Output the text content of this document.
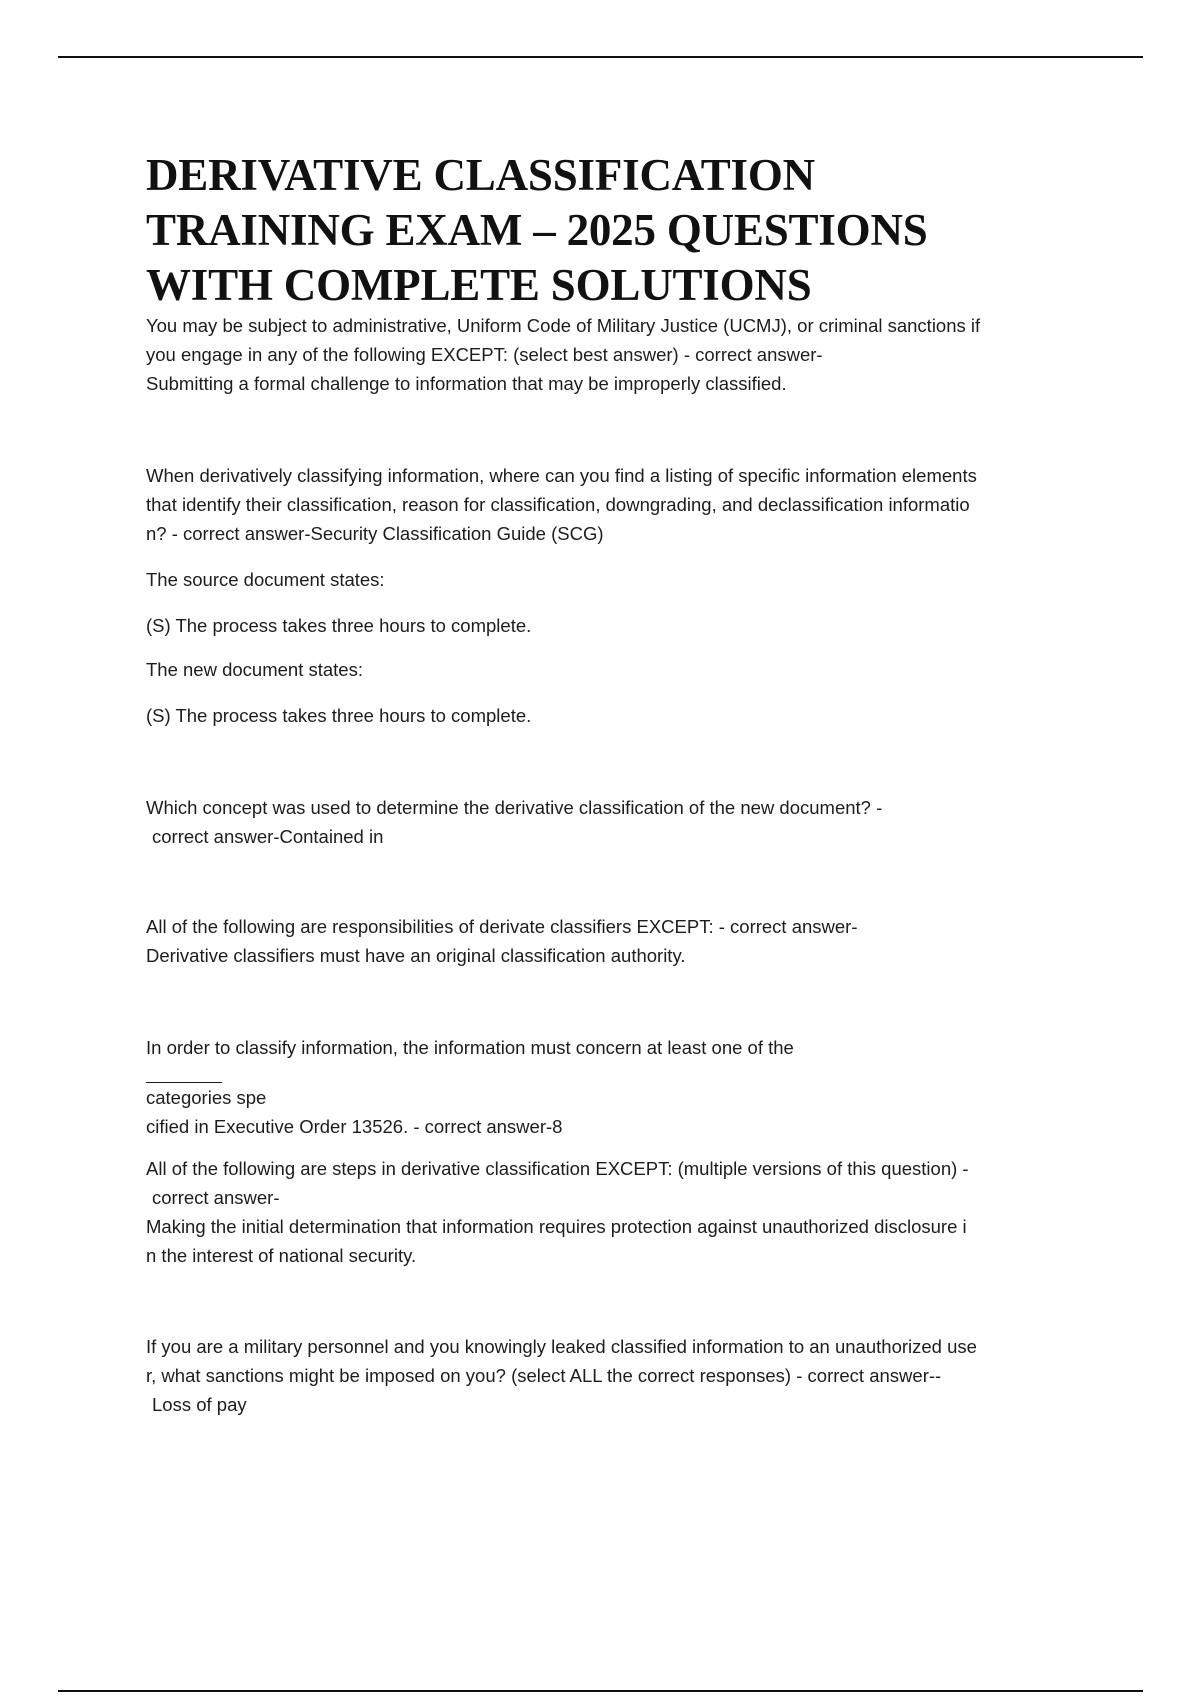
DERIVATIVE CLASSIFICATION
TRAINING EXAM – 2025 QUESTIONS
WITH COMPLETE SOLUTIONS
You may be subject to administrative, Uniform Code of Military Justice (UCMJ), or criminal sanctions if
you engage in any of the following EXCEPT: (select best answer) - correct answer-
Submitting a formal challenge to information that may be improperly classified.
When derivatively classifying information, where can you find a listing of specific information elements
that identify their classification, reason for classification, downgrading, and declassification informatio
n? - correct answer-Security Classification Guide (SCG)
The source document states:
(S) The process takes three hours to complete.
The new document states:
(S) The process takes three hours to complete.
Which concept was used to determine the derivative classification of the new document? -
correct answer-Contained in
All of the following are responsibilities of derivate classifiers EXCEPT: - correct answer-
Derivative classifiers must have an original classification authority.
In order to classify information, the information must concern at least one of the
categories spe
cified in Executive Order 13526. - correct answer-8
All of the following are steps in derivative classification EXCEPT: (multiple versions of this question) -
correct answer-
Making the initial determination that information requires protection against unauthorized disclosure i
n the interest of national security.
If you are a military personnel and you knowingly leaked classified information to an unauthorized use
r, what sanctions might be imposed on you? (select ALL the correct responses) - correct answer--
Loss of pay
